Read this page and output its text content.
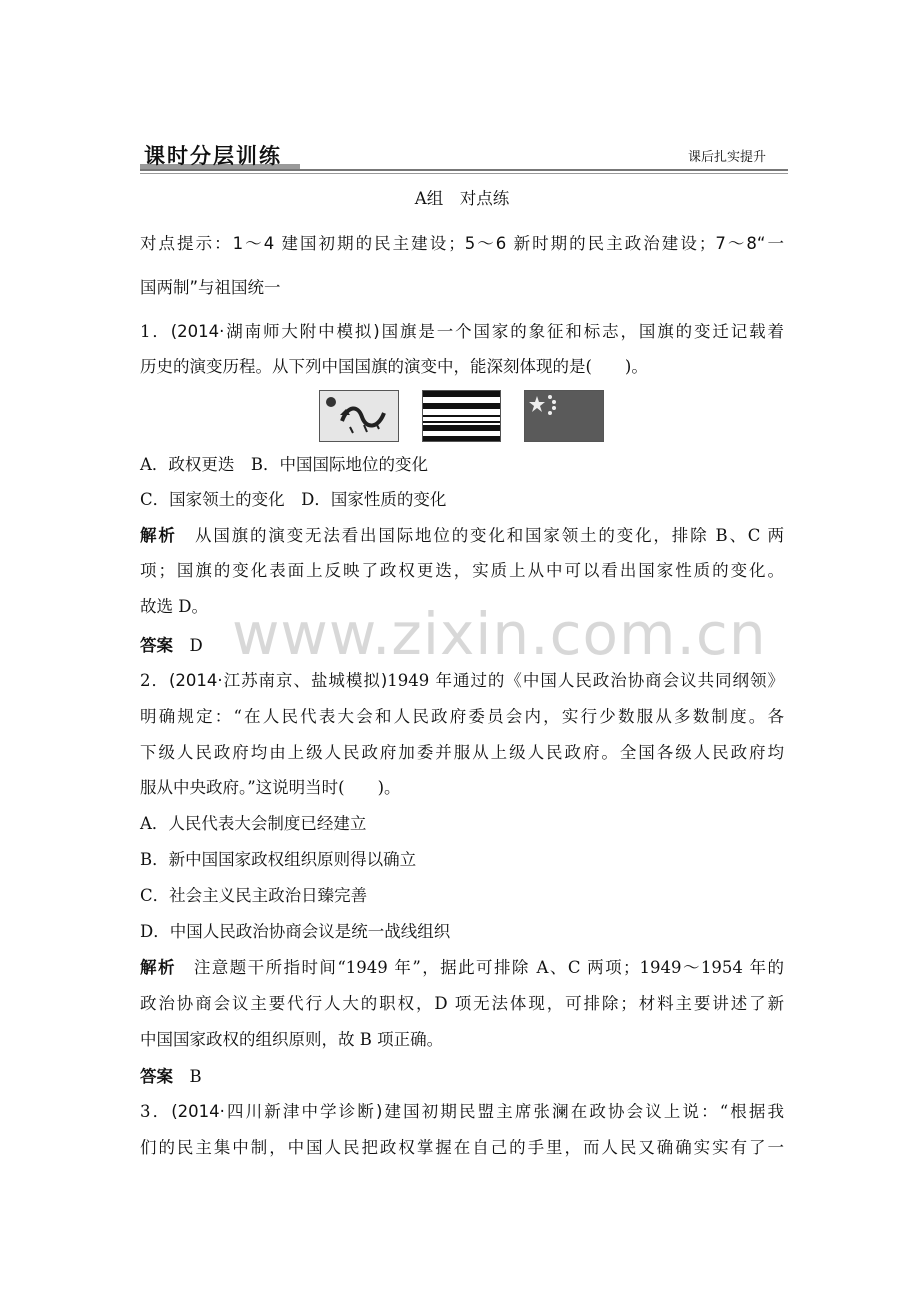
课时分层训练	课后扎实提升
A组　对点练
对点提示：1～4 建国初期的民主建设；5～6 新时期的民主政治建设；7～8“一
国两制”与祖国统一
1．(2014·湖南师大附中模拟)国旗是一个国家的象征和标志，国旗的变迁记载着
历史的演变历程。从下列中国国旗的演变中，能深刻体现的是(　　)。
A．政权更迭　B．中国国际地位的变化
C．国家领土的变化　D．国家性质的变化
解析　 从国旗的演变无法看出国际地位的变化和国家领土的变化，排除 B、C 两
项；国旗的变化表面上反映了政权更迭，实质上从中可以看出国家性质的变化。
故选 D。
答案　 D
2．(2014·江苏南京、盐城模拟)1949 年通过的《中国人民政治协商会议共同纲领》
明确规定：“在人民代表大会和人民政府委员会内，实行少数服从多数制度。各
下级人民政府均由上级人民政府加委并服从上级人民政府。全国各级人民政府均
服从中央政府。”这说明当时(　　)。
A．人民代表大会制度已经建立
B．新中国国家政权组织原则得以确立
C．社会主义民主政治日臻完善
D．中国人民政治协商会议是统一战线组织
解析　 注意题干所指时间“1949 年”，据此可排除 A、C 两项；1949～1954 年的
政治协商会议主要代行人大的职权，D 项无法体现，可排除；材料主要讲述了新
中国国家政权的组织原则，故 B 项正确。
答案　 B
3．(2014·四川新津中学诊断)建国初期民盟主席张澜在政协会议上说：“根据我
们的民主集中制，中国人民把政权掌握在自己的手里，而人民又确确实实有了一
www.zixin.com.cn
